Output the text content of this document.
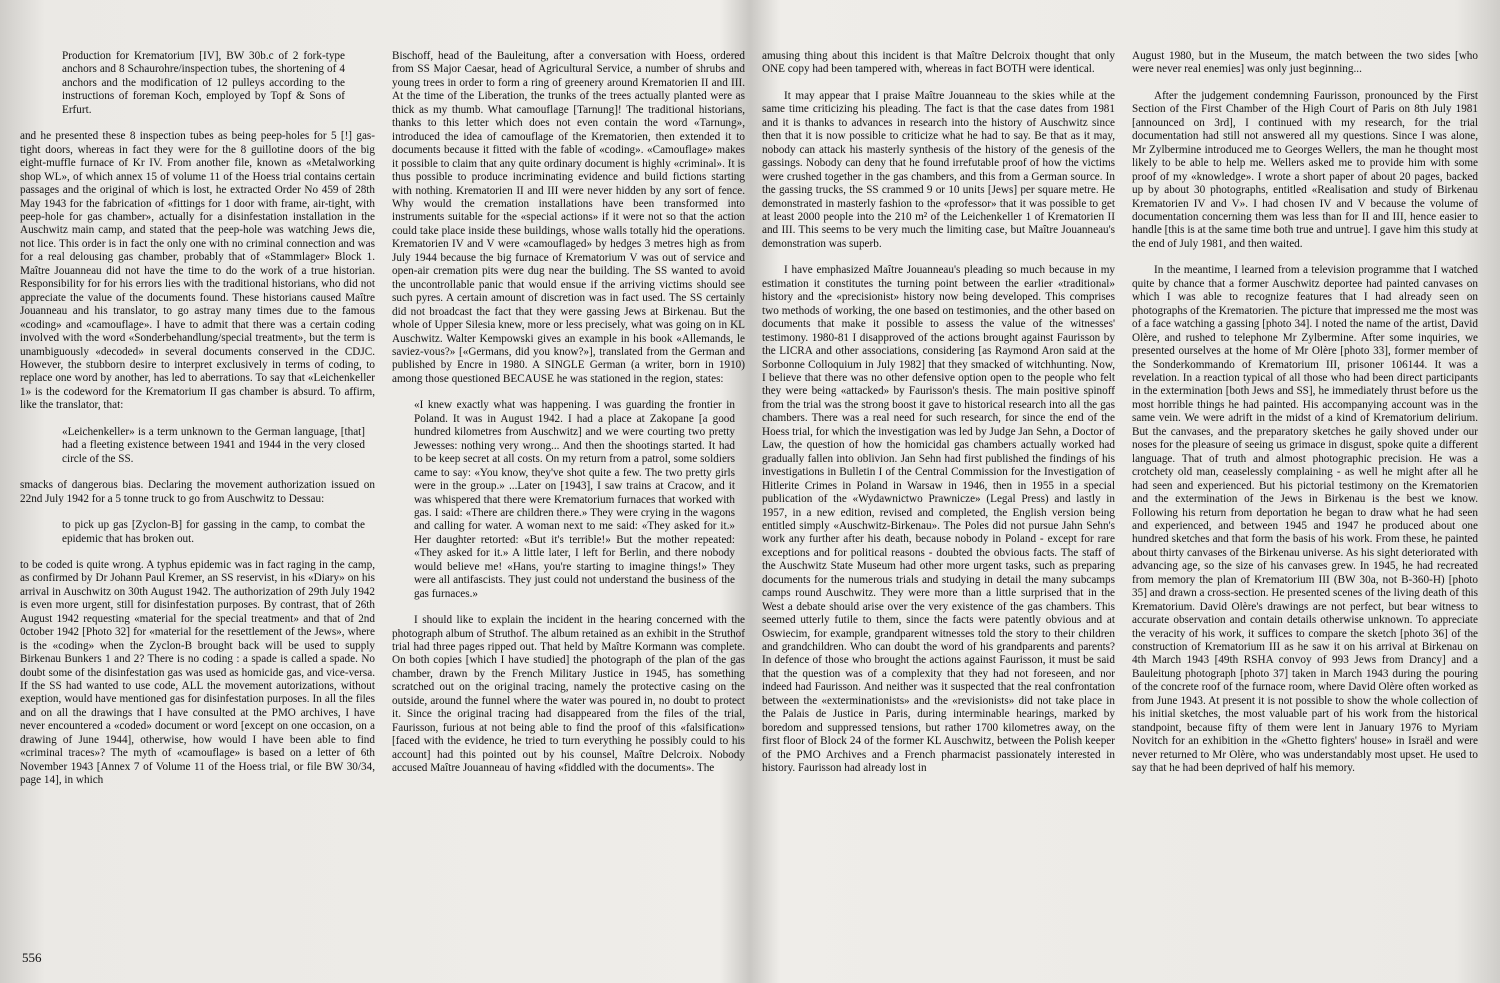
Production for Krematorium [IV], BW 30b.c of 2 fork-type anchors and 8 Schaurohre/inspection tubes, the shortening of 4 anchors and the modification of 12 pulleys according to the instructions of foreman Koch, employed by Topf & Sons of Erfurt.

and he presented these 8 inspection tubes as being peep-holes for 5 [!] gas-tight doors, whereas in fact they were for the 8 guillotine doors of the big eight-muffle furnace of Kr IV. From another file, known as «Metalworking shop WL», of which annex 15 of volume 11 of the Hoess trial contains certain passages and the original of which is lost, he extracted Order No 459 of 28th May 1943 for the fabrication of «fittings for 1 door with frame, air-tight, with peep-hole for gas chamber», actually for a disinfestation installation in the Auschwitz main camp, and stated that the peep-hole was watching Jews die, not lice. This order is in fact the only one with no criminal connection and was for a real delousing gas chamber, probably that of «Stammlager» Block 1. Maître Jouanneau did not have the time to do the work of a true historian. Responsibility for for his errors lies with the traditional historians, who did not appreciate the value of the documents found. These historians caused Maître Jouanneau and his translator, to go astray many times due to the famous «coding» and «camouflage». I have to admit that there was a certain coding involved with the word «Sonderbehandlung/special treatment», but the term is unambiguously «decoded» in several documents conserved in the CDJC. However, the stubborn desire to interpret exclusively in terms of coding, to replace one word by another, has led to aberrations. To say that «Leichenkeller 1» is the codeword for the Krematorium II gas chamber is absurd. To affirm, like the translator, that:

«Leichenkeller» is a term unknown to the German language, [that] had a fleeting existence between 1941 and 1944 in the very closed circle of the SS.

smacks of dangerous bias. Declaring the movement authorization issued on 22nd July 1942 for a 5 tonne truck to go from Auschwitz to Dessau:

to pick up gas [Zyclon-B] for gassing in the camp, to combat the epidemic that has broken out.

to be coded is quite wrong. A typhus epidemic was in fact raging in the camp, as confirmed by Dr Johann Paul Kremer, an SS reservist, in his «Diary» on his arrival in Auschwitz on 30th August 1942. The authorization of 29th July 1942 is even more urgent, still for disinfestation purposes. By contrast, that of 26th August 1942 requesting «material for the special treatment» and that of 2nd 0ctober 1942 [Photo 32] for «material for the resettlement of the Jews», where is the «coding» when the Zyclon-B brought back will be used to supply Birkenau Bunkers 1 and 2? There is no coding : a spade is called a spade. No doubt some of the disinfestation gas was used as homicide gas, and vice-versa. If the SS had wanted to use code, ALL the movement autorizations, without exeption, would have mentioned gas for disinfestation purposes. In all the files and on all the drawings that I have consulted at the PMO archives, I have never encountered a «coded» document or word [except on one occasion, on a drawing of June 1944], otherwise, how would I have been able to find «criminal traces»? The myth of «camouflage» is based on a letter of 6th November 1943 [Annex 7 of Volume 11 of the Hoess trial, or file BW 30/34, page 14], in which

Bischoff, head of the Bauleitung, after a conversation with Hoess, ordered from SS Major Caesar, head of Agricultural Service, a number of shrubs and young trees in order to form a ring of greenery around Krematorien II and III. At the time of the Liberation, the trunks of the trees actually planted were as thick as my thumb. What camouflage [Tarnung]! The traditional historians, thanks to this letter which does not even contain the word «Tarnung», introduced the idea of camouflage of the Krematorien, then extended it to documents because it fitted with the fable of «coding». «Camouflage» makes it possible to claim that any quite ordinary document is highly «criminal». It is thus possible to produce incriminating evidence and build fictions starting with nothing. Krematorien II and III were never hidden by any sort of fence. Why would the cremation installations have been transformed into instruments suitable for the «special actions» if it were not so that the action could take place inside these buildings, whose walls totally hid the operations. Krematorien IV and V were «camouflaged» by hedges 3 metres high as from July 1944 because the big furnace of Krematorium V was out of service and open-air cremation pits were dug near the building. The SS wanted to avoid the uncontrollable panic that would ensue if the arriving victims should see such pyres. A certain amount of discretion was in fact used. The SS certainly did not broadcast the fact that they were gassing Jews at Birkenau. But the whole of Upper Silesia knew, more or less precisely, what was going on in KL Auschwitz. Walter Kempowski gives an example in his book «Allemands, le saviez-vous?» [«Germans, did you know?»], translated from the German and published by Encre in 1980. A SINGLE German (a writer, born in 1910) among those questioned BECAUSE he was stationed in the region, states:

«I knew exactly what was happening. I was guarding the frontier in Poland. It was in August 1942. I had a place at Zakopane [a good hundred kilometres from Auschwitz] and we were courting two pretty Jewesses: nothing very wrong... And then the shootings started. It had to be keep secret at all costs. On my return from a patrol, some soldiers came to say: «You know, they've shot quite a few. The two pretty girls were in the group.» ...Later on [1943], I saw trains at Cracow, and it was whispered that there were Krematorium furnaces that worked with gas. I said: «There are children there.» They were crying in the wagons and calling for water. A woman next to me said: «They asked for it.» Her daughter retorted: «But it's terrible!» But the mother repeated: «They asked for it.» A little later, I left for Berlin, and there nobody would believe me! «Hans, you're starting to imagine things!» They were all antifascists. They just could not understand the business of the gas furnaces.»

I should like to explain the incident in the hearing concerned with the photograph album of Struthof. The album retained as an exhibit in the Struthof trial had three pages ripped out. That held by Maître Kormann was complete. On both copies [which I have studied] the photograph of the plan of the gas chamber, drawn by the French Military Justice in 1945, has something scratched out on the original tracing, namely the protective casing on the outside, around the funnel where the water was poured in, no doubt to protect it. Since the original tracing had disappeared from the files of the trial, Faurisson, furious at not being able to find the proof of this «falsification» [faced with the evidence, he tried to turn everything he possibly could to his account] had this pointed out by his counsel, Maître Delcroix. Nobody accused Maître Jouanneau of having «fiddled with the documents». The

amusing thing about this incident is that Maître Delcroix thought that only ONE copy had been tampered with, whereas in fact BOTH were identical.

It may appear that I praise Maître Jouanneau to the skies while at the same time criticizing his pleading. The fact is that the case dates from 1981 and it is thanks to advances in research into the history of Auschwitz since then that it is now possible to criticize what he had to say. Be that as it may, nobody can attack his masterly synthesis of the history of the genesis of the gassings. Nobody can deny that he found irrefutable proof of how the victims were crushed together in the gas chambers, and this from a German source. In the gassing trucks, the SS crammed 9 or 10 units [Jews] per square metre. He demonstrated in masterly fashion to the «professor» that it was possible to get at least 2000 people into the 210 m² of the Leichenkeller 1 of Krematorien II and III. This seems to be very much the limiting case, but Maître Jouanneau's demonstration was superb.

I have emphasized Maître Jouanneau's pleading so much because in my estimation it constitutes the turning point between the earlier «traditional» history and the «precisionist» history now being developed. This comprises two methods of working, the one based on testimonies, and the other based on documents that make it possible to assess the value of the witnesses' testimony. 1980-81 I disapproved of the actions brought against Faurisson by the LICRA and other associations, considering [as Raymond Aron said at the Sorbonne Colloquium in July 1982] that they smacked of witchhunting. Now, I believe that there was no other defensive option open to the people who felt they were being «attacked» by Faurisson's thesis. The main positive spinoff from the trial was the strong boost it gave to historical research into all the gas chambers. There was a real need for such research, for since the end of the Hoess trial, for which the investigation was led by Judge Jan Sehn, a Doctor of Law, the question of how the homicidal gas chambers actually worked had gradually fallen into oblivion. Jan Sehn had first published the findings of his investigations in Bulletin I of the Central Commission for the Investigation of Hitlerite Crimes in Poland in Warsaw in 1946, then in 1955 in a special publication of the «Wydawnictwo Prawnicze» (Legal Press) and lastly in 1957, in a new edition, revised and completed, the English version being entitled simply «Auschwitz-Birkenau». The Poles did not pursue Jahn Sehn's work any further after his death, because nobody in Poland - except for rare exceptions and for political reasons - doubted the obvious facts. The staff of the Auschwitz State Museum had other more urgent tasks, such as preparing documents for the numerous trials and studying in detail the many subcamps camps round Auschwitz. They were more than a little surprised that in the West a debate should arise over the very existence of the gas chambers. This seemed utterly futile to them, since the facts were patently obvious and at Oswiecim, for example, grandparent witnesses told the story to their children and grandchildren. Who can doubt the word of his grandparents and parents? In defence of those who brought the actions against Faurisson, it must be said that the question was of a complexity that they had not foreseen, and nor indeed had Faurisson. And neither was it suspected that the real confrontation between the «exterminationists» and the «revisionists» did not take place in the Palais de Justice in Paris, during interminable hearings, marked by boredom and suppressed tensions, but rather 1700 kilometres away, on the first floor of Block 24 of the former KL Auschwitz, between the Polish keeper of the PMO Archives and a French pharmacist passionately interested in history. Faurisson had already lost in

August 1980, but in the Museum, the match between the two sides [who were never real enemies] was only just beginning...

After the judgement condemning Faurisson, pronounced by the First Section of the First Chamber of the High Court of Paris on 8th July 1981 [announced on 3rd], I continued with my research, for the trial documentation had still not answered all my questions. Since I was alone, Mr Zylbermine introduced me to Georges Wellers, the man he thought most likely to be able to help me. Wellers asked me to provide him with some proof of my «knowledge». I wrote a short paper of about 20 pages, backed up by about 30 photographs, entitled «Realisation and study of Birkenau Krematorien IV and V». I had chosen IV and V because the volume of documentation concerning them was less than for II and III, hence easier to handle [this is at the same time both true and untrue]. I gave him this study at the end of July 1981, and then waited.

In the meantime, I learned from a television programme that I watched quite by chance that a former Auschwitz deportee had painted canvases on which I was able to recognize features that I had already seen on photographs of the Krematorien. The picture that impressed me the most was of a face watching a gassing [photo 34]. I noted the name of the artist, David Olère, and rushed to telephone Mr Zylbermine. After some inquiries, we presented ourselves at the home of Mr Olère [photo 33], former member of the Sonderkommando of Krematorium III, prisoner 106144. It was a revelation. In a reaction typical of all those who had been direct participants in the extermination [both Jews and SS], he immediately thrust before us the most horrible things he had painted. His accompanying account was in the same vein. We were adrift in the midst of a kind of Krematorium delirium. But the canvases, and the preparatory sketches he gaily shoved under our noses for the pleasure of seeing us grimace in disgust, spoke quite a different language. That of truth and almost photographic precision. He was a crotchety old man, ceaselessly complaining - as well he might after all he had seen and experienced. But his pictorial testimony on the Krematorien and the extermination of the Jews in Birkenau is the best we know. Following his return from deportation he began to draw what he had seen and experienced, and between 1945 and 1947 he produced about one hundred sketches and that form the basis of his work. From these, he painted about thirty canvases of the Birkenau universe. As his sight deteriorated with advancing age, so the size of his canvases grew. In 1945, he had recreated from memory the plan of Krematorium III (BW 30a, not B-360-H) [photo 35] and drawn a cross-section. He presented scenes of the living death of this Krematorium. David Olère's drawings are not perfect, but bear witness to accurate observation and contain details otherwise unknown. To appreciate the veracity of his work, it suffices to compare the sketch [photo 36] of the construction of Krematorium III as he saw it on his arrival at Birkenau on 4th March 1943 [49th RSHA convoy of 993 Jews from Drancy] and a Bauleitung photograph [photo 37] taken in March 1943 during the pouring of the concrete roof of the furnace room, where David Olère often worked as from June 1943. At present it is not possible to show the whole collection of his initial sketches, the most valuable part of his work from the historical standpoint, because fifty of them were lent in January 1976 to Myriam Novitch for an exhibition in the «Ghetto fighters' house» in Israël and were never returned to Mr Olère, who was understandably most upset. He used to say that he had been deprived of half his memory.

556
